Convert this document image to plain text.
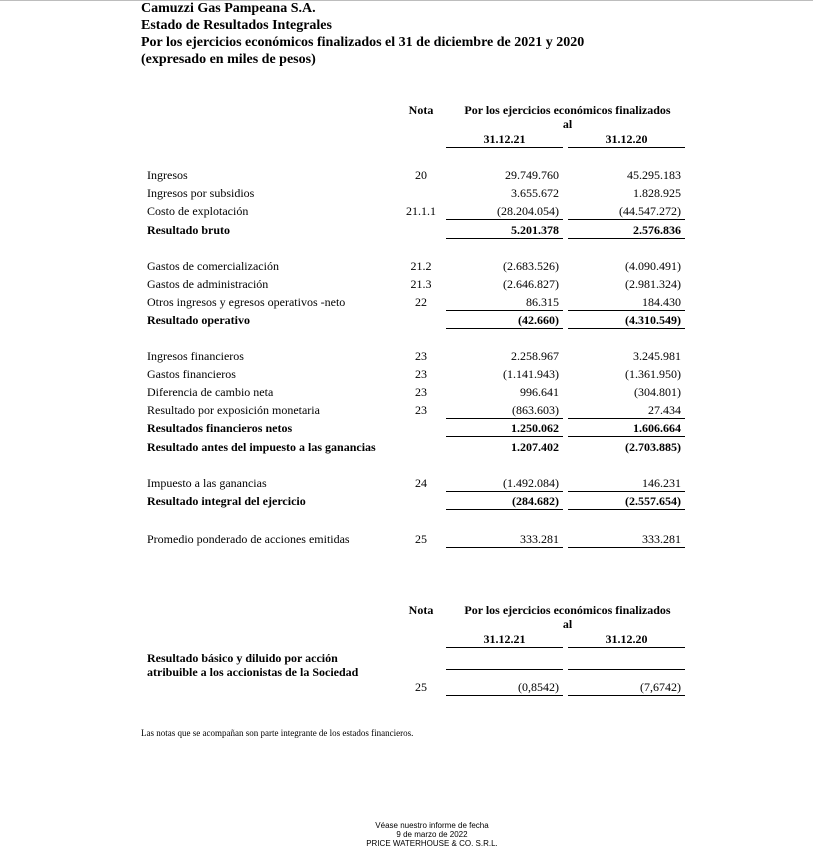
Camuzzi Gas Pampeana S.A.
Estado de Resultados Integrales
Por los ejercicios económicos finalizados el 31 de diciembre de 2021 y 2020
(expresado en miles de pesos)
Nota	Por los ejercicios económicos finalizados
al
31.12.21	31.12.20
Ingresos	20	29.749.760	45.295.183
Ingresos por subsidios	3.655.672	1.828.925
Costo de explotación	21.1.1	(28.204.054)	(44.547.272)
Resultado bruto	5.201.378	2.576.836
Gastos de comercialización	21.2	(2.683.526)	(4.090.491)
Gastos de administración	21.3	(2.646.827)	(2.981.324)
Otros ingresos y egresos operativos -neto	22	86.315	184.430
Resultado operativo	(42.660)	(4.310.549)
Ingresos financieros	23	2.258.967	3.245.981
Gastos financieros	23	(1.141.943)	(1.361.950)
Diferencia de cambio neta	23	996.641	(304.801)
Resultado por exposición monetaria	23	(863.603)	27.434
Resultados financieros netos	1.250.062	1.606.664
Resultado antes del impuesto a las ganancias	1.207.402	(2.703.885)
Impuesto a las ganancias	24	(1.492.084)	146.231
Resultado integral del ejercicio	(284.682)	(2.557.654)
Promedio ponderado de acciones emitidas	25	333.281	333.281
Nota	Por los ejercicios económicos finalizados
al
31.12.21	31.12.20
Resultado básico y diluido por acción
atribuible a los accionistas de la Sociedad
25	(0,8542)	(7,6742)
Las notas que se acompañan son parte integrante de los estados financieros.
Véase nuestro informe de fecha
9 de marzo de 2022
PRICE WATERHOUSE & CO. S.R.L.
